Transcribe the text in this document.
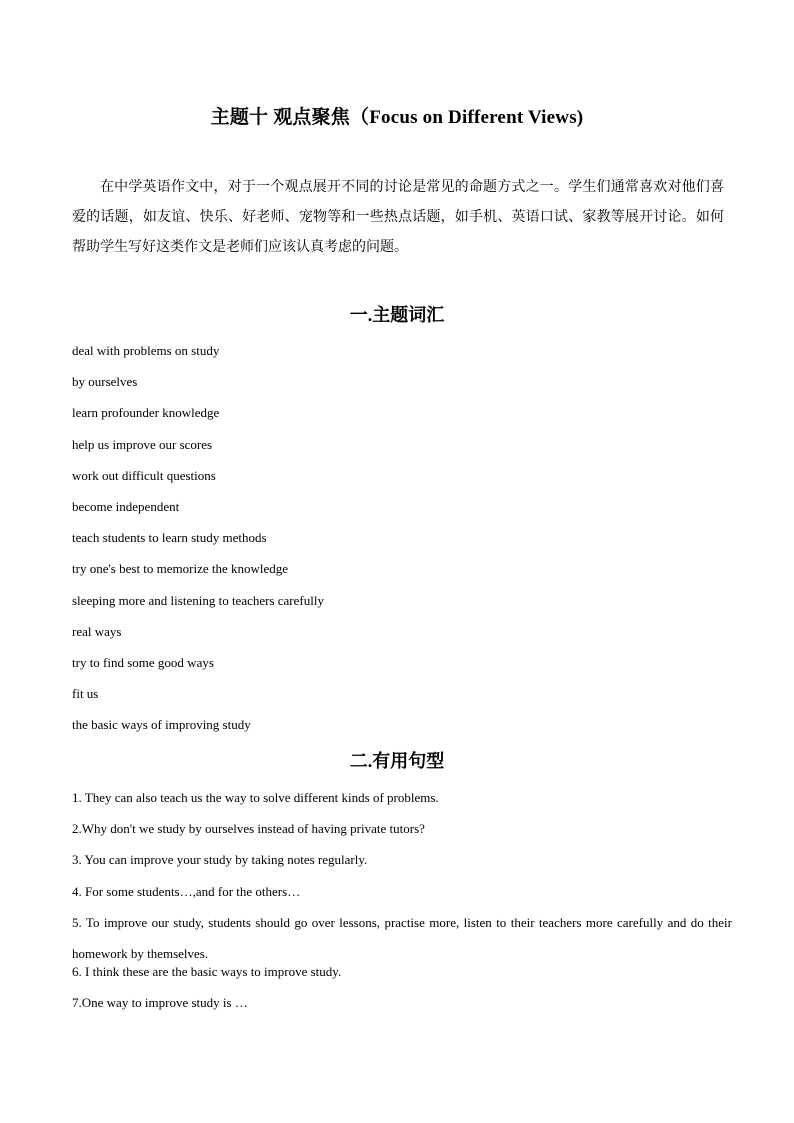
主题十 观点聚焦（Focus on Different Views)
在中学英语作文中，对于一个观点展开不同的讨论是常见的命题方式之一。学生们通常喜欢对他们喜爱的话题，如友谊、快乐、好老师、宠物等和一些热点话题，如手机、英语口试、家教等展开讨论。如何帮助学生写好这类作文是老师们应该认真考虑的问题。
一.主题词汇
deal with problems on study
by ourselves
learn profounder knowledge
help us improve our scores
work out difficult questions
become independent
teach students to learn study methods
try one's best to memorize the knowledge
sleeping more and listening to teachers carefully
real ways
try to find some good ways
fit us
the basic ways of improving study
二.有用句型
1. They can also teach us the way to solve different kinds of problems.
2.Why don't we study by ourselves instead of having private tutors?
3. You can improve your study by taking notes regularly.
4. For some students…,and for the others…
5. To improve our study, students should go over lessons, practise more, listen to their teachers more carefully and do their homework by themselves.
6. I think these are the basic ways to improve study.
7.One way to improve study is …
